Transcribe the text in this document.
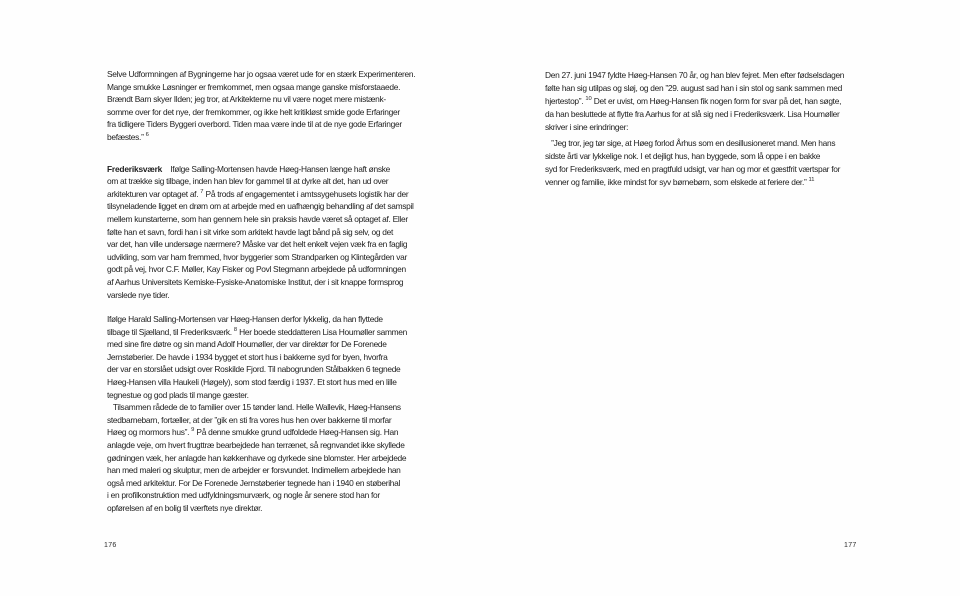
Selve Udformningen af Bygningerne har jo ogsaa været ude for en stærk Experimenteren.
Mange smukke Løsninger er fremkommet, men ogsaa mange ganske misforstaaede.
Brændt Barn skyer Ilden; jeg tror, at Arkitekterne nu vil være noget mere mistænk-
somme over for det nye, der fremkommer, og ikke helt kritikløst smide gode Erfaringer
fra tidligere Tiders Byggeri overbord. Tiden maa være inde til at de nye gode Erfaringer
befæstes.” $^6$
Frederiksværk    Ifølge Salling-Mortensen havde Høeg-Hansen længe haft ønske
om at trække sig tilbage, inden han blev for gammel til at dyrke alt det, han ud over
arkitekturen var optaget af. $^7$ På trods af engagementet i amtssygehusets logistik har der
tilsyneladende ligget en drøm om at arbejde med en uafhængig behandling af det samspil
mellem kunstarterne, som han gennem hele sin praksis havde været så optaget af. Eller
følte han et savn, fordi han i sit virke som arkitekt havde lagt bånd på sig selv, og det
var det, han ville undersøge nærmere? Måske var det helt enkelt vejen væk fra en faglig
udvikling, som var ham fremmed, hvor byggerier som Strandparken og Klintegården var
godt på vej, hvor C.F. Møller, Kay Fisker og Povl Stegmann arbejdede på udformningen
af Aarhus Universitets Kemiske-Fysiske-Anatomiske Institut, der i sit knappe formsprog
varslede nye tider.
Ifølge Harald Salling-Mortensen var Høeg-Hansen derfor lykkelig, da han flyttede
tilbage til Sjælland, til Frederiksværk. $^8$ Her boede steddatteren Lisa Houmøller sammen
med sine fire døtre og sin mand Adolf Houmøller, der var direktør for De Forenede
Jernstøberier. De havde i 1934 bygget et stort hus i bakkerne syd for byen, hvorfra
der var en storslået udsigt over Roskilde Fjord. Til nabogrunden Stålbakken 6 tegnede
Høeg-Hansen villa Haukeli (Høgely), som stod færdig i 1937. Et stort hus med en lille
tegnestue og god plads til mange gæster.
Tilsammen rådede de to familier over 15 tønder land. Helle Wallevik, Høeg-Hansens
stedbarnebarn, fortæller, at der ”gik en sti fra vores hus hen over bakkerne til morfar
Høeg og mormors hus”. $^9$ På denne smukke grund udfoldede Høeg-Hansen sig. Han
anlagde veje, om hvert frugttræ bearbejdede han terrænet, så regnvandet ikke skyllede
gødningen væk, her anlagde han køkkenhave og dyrkede sine blomster. Her arbejdede
han med maleri og skulptur, men de arbejder er forsvundet. Indimellem arbejdede han
også med arkitektur. For De Forenede Jernstøberier tegnede han i 1940 en støberihal
i en profilkonstruktion med udfyldningsmurværk, og nogle år senere stod han for
opførelsen af en bolig til værftets nye direktør.
176
Den 27. juni 1947 fyldte Høeg-Hansen 70 år, og han blev fejret. Men efter fødselsdagen
følte han sig utilpas og sløj, og den ”29. august sad han i sin stol og sank sammen med
hjertestop”. $^{10}$ Det er uvist, om Høeg-Hansen fik nogen form for svar på det, han søgte,
da han besluttede at flytte fra Aarhus for at slå sig ned i Frederiksværk. Lisa Houmøller
skriver i sine erindringer:
”Jeg tror, jeg tør sige, at Høeg forlod Århus som en desillusioneret mand. Men hans
sidste årti var lykkelige nok. I et dejligt hus, han byggede, som lå oppe i en bakke
syd for Frederiksværk, med en pragtfuld udsigt, var han og mor et gæstfrit værtspar for
venner og familie, ikke mindst for syv børnebørn, som elskede at feriere der.” $^{11}$
177
